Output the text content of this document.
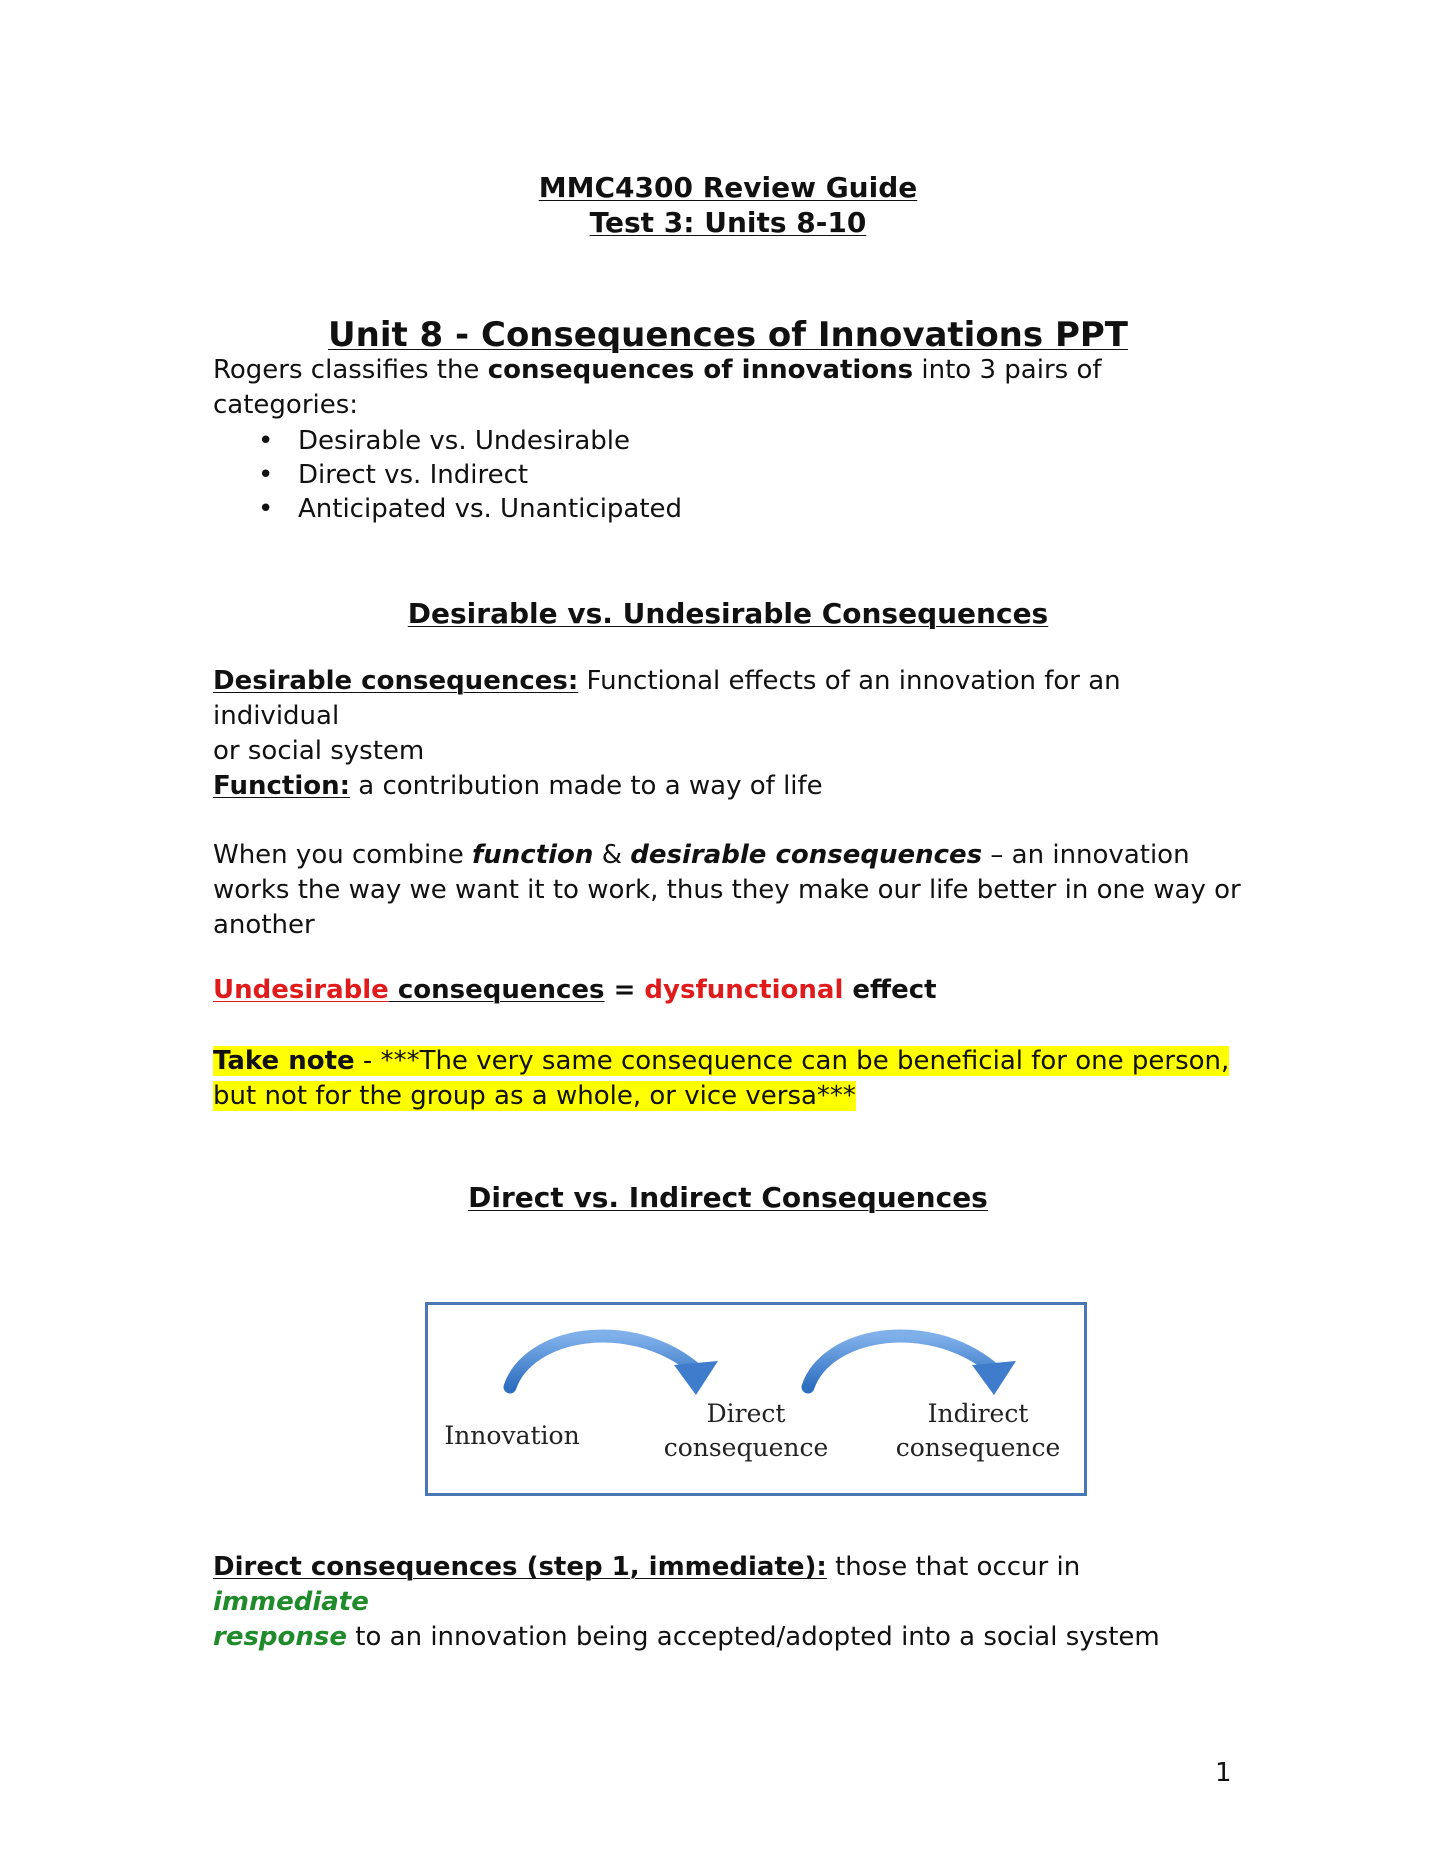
MMC4300 Review Guide
Test 3: Units 8-10
Unit 8 - Consequences of Innovations PPT
Rogers classifies the consequences of innovations into 3 pairs of categories:
• Desirable vs. Undesirable
• Direct vs. Indirect
• Anticipated vs. Unanticipated
Desirable vs. Undesirable Consequences
Desirable consequences: Functional effects of an innovation for an individual
or social system
Function: a contribution made to a way of life
When you combine function & desirable consequences – an innovation
works the way we want it to work, thus they make our life better in one way or
another
Undesirable consequences = dysfunctional effect
Take note - ***The very same consequence can be beneficial for one person,
but not for the group as a whole, or vice versa***
Direct vs. Indirect Consequences
Direct consequences (step 1, immediate): those that occur in immediate
response to an innovation being accepted/adopted into a social system
Innovation
Direct
consequence
Indirect
consequence
1
